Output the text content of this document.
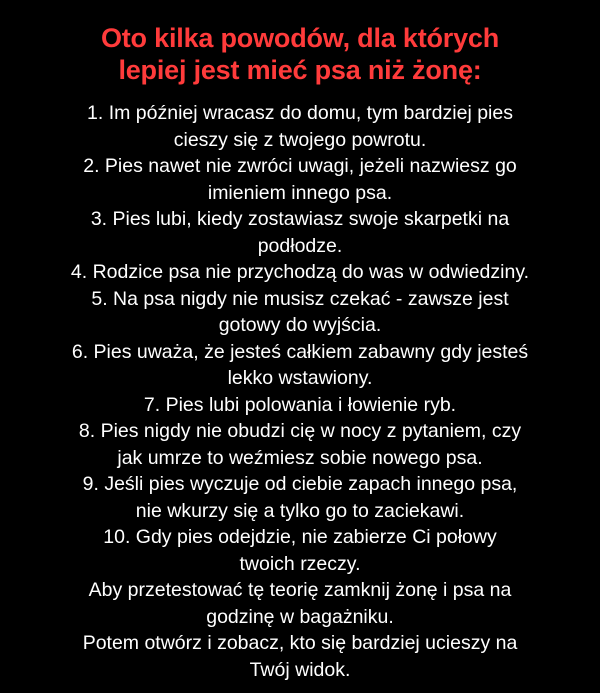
Oto kilka powodów, dla których
lepiej jest mieć psa niż żonę:
1. Im później wracasz do domu, tym bardziej pies
cieszy się z twojego powrotu.
2. Pies nawet nie zwróci uwagi, jeżeli nazwiesz go
imieniem innego psa.
3. Pies lubi, kiedy zostawiasz swoje skarpetki na
podłodze.
4. Rodzice psa nie przychodzą do was w odwiedziny.
5. Na psa nigdy nie musisz czekać - zawsze jest
gotowy do wyjścia.
6. Pies uważa, że jesteś całkiem zabawny gdy jesteś
lekko wstawiony.
7. Pies lubi polowania i łowienie ryb.
8. Pies nigdy nie obudzi cię w nocy z pytaniem, czy
jak umrze to weźmiesz sobie nowego psa.
9. Jeśli pies wyczuje od ciebie zapach innego psa,
nie wkurzy się a tylko go to zaciekawi.
10. Gdy pies odejdzie, nie zabierze Ci połowy
twoich rzeczy.
Aby przetestować tę teorię zamknij żonę i psa na
godzinę w bagażniku.
Potem otwórz i zobacz, kto się bardziej ucieszy na
Twój widok.
